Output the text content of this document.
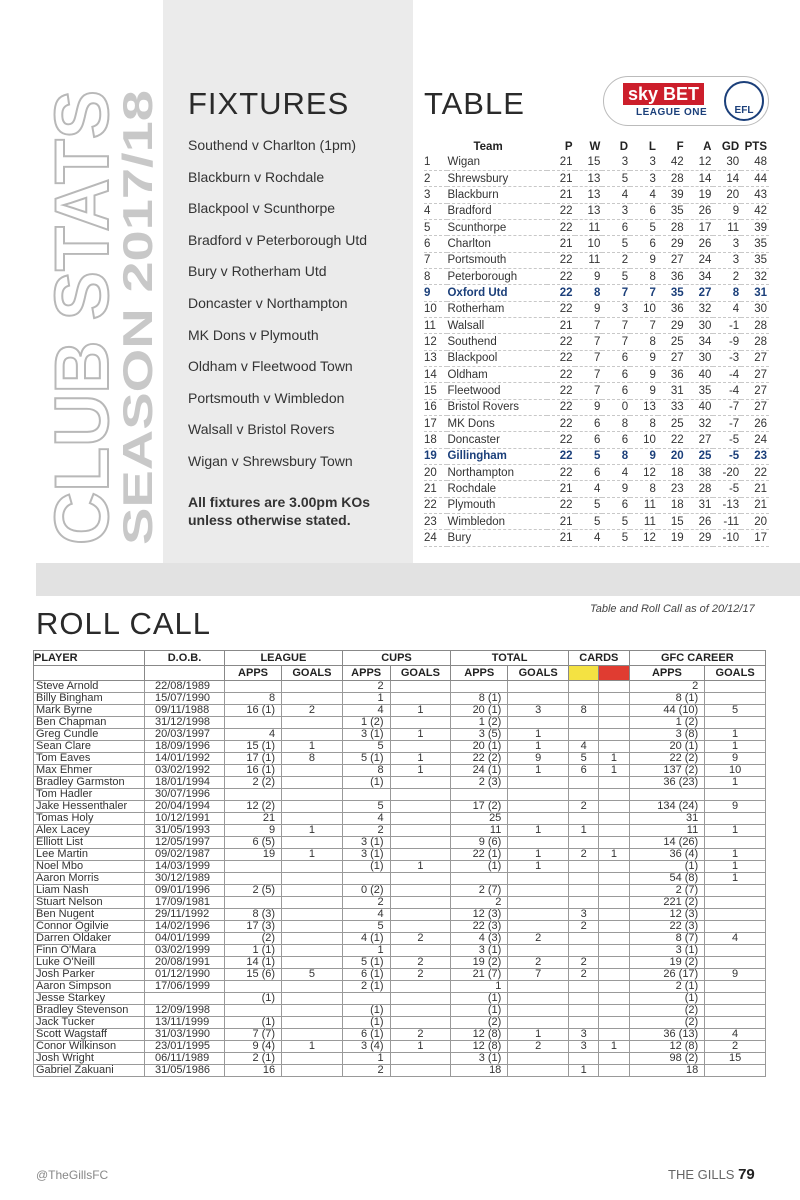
CLUB STATS
SEASON 2017/18
FIXTURES
Southend v Charlton (1pm)
Blackburn v Rochdale
Blackpool v Scunthorpe
Bradford v Peterborough Utd
Bury v Rotherham Utd
Doncaster v Northampton
MK Dons v Plymouth
Oldham v Fleetwood Town
Portsmouth v Wimbledon
Walsall v Bristol Rovers
Wigan v Shrewsbury Town
All fixtures are 3.00pm KOs unless otherwise stated.
TABLE	sky BET
LEAGUE ONE	EFL
	Team	P	W	D	L	F	A	GD	PTS
1	Wigan	21	15	3	3	42	12	30	48
2	Shrewsbury	21	13	5	3	28	14	14	44
3	Blackburn	21	13	4	4	39	19	20	43
4	Bradford	22	13	3	6	35	26	9	42
5	Scunthorpe	22	11	6	5	28	17	11	39
6	Charlton	21	10	5	6	29	26	3	35
7	Portsmouth	22	11	2	9	27	24	3	35
8	Peterborough	22	9	5	8	36	34	2	32
9	Oxford Utd	22	8	7	7	35	27	8	31
10	Rotherham	22	9	3	10	36	32	4	30
11	Walsall	21	7	7	7	29	30	-1	28
12	Southend	22	7	7	8	25	34	-9	28
13	Blackpool	22	7	6	9	27	30	-3	27
14	Oldham	22	7	6	9	36	40	-4	27
15	Fleetwood	22	7	6	9	31	35	-4	27
16	Bristol Rovers	22	9	0	13	33	40	-7	27
17	MK Dons	22	6	8	8	25	32	-7	26
18	Doncaster	22	6	6	10	22	27	-5	24
19	Gillingham	22	5	8	9	20	25	-5	23
20	Northampton	22	6	4	12	18	38	-20	22
21	Rochdale	21	4	9	8	23	28	-5	21
22	Plymouth	22	5	6	11	18	31	-13	21
23	Wimbledon	21	5	5	11	15	26	-11	20
24	Bury	21	4	5	12	19	29	-10	17
Table and Roll Call as of 20/12/17
ROLL CALL
PLAYER	D.O.B.	LEAGUE		CUPS		TOTAL		CARDS		GFC CAREER	
		APPS	GOALS	APPS	GOALS	APPS	GOALS			APPS	GOALS
Steve Arnold	22/08/1989			2						2	
Billy Bingham	15/07/1990	8		1		8 (1)				8 (1)	
Mark Byrne	09/11/1988	16 (1)	2	4	1	20 (1)	3	8		44 (10)	5
Ben Chapman	31/12/1998			1 (2)		1 (2)				1 (2)	
Greg Cundle	20/03/1997	4		3 (1)	1	3 (5)	1			3 (8)	1
Sean Clare	18/09/1996	15 (1)	1	5		20 (1)	1	4		20 (1)	1
Tom Eaves	14/01/1992	17 (1)	8	5 (1)	1	22 (2)	9	5	1	22 (2)	9
Max Ehmer	03/02/1992	16 (1)		8	1	24 (1)	1	6	1	137 (2)	10
Bradley Garmston	18/01/1994	2 (2)		(1)		2 (3)				36 (23)	1
Tom Hadler	30/07/1996										
Jake Hessenthaler	20/04/1994	12 (2)		5		17 (2)		2		134 (24)	9
Tomas Holy	10/12/1991	21		4		25				31	
Alex Lacey	31/05/1993	9	1	2		11	1	1		11	1
Elliott List	12/05/1997	6 (5)		3 (1)		9 (6)				14 (26)	
Lee Martin	09/02/1987	19	1	3 (1)		22 (1)	1	2	1	36 (4)	1
Noel Mbo	14/03/1999			(1)	1	(1)	1			(1)	1
Aaron Morris	30/12/1989									54 (8)	1
Liam Nash	09/01/1996	2 (5)		0 (2)		2 (7)				2 (7)	
Stuart Nelson	17/09/1981			2		2				221 (2)	
Ben Nugent	29/11/1992	8 (3)		4		12 (3)		3		12 (3)	
Connor Ogilvie	14/02/1996	17 (3)		5		22 (3)		2		22 (3)	
Darren Oldaker	04/01/1999	(2)		4 (1)	2	4 (3)	2			8 (7)	4
Finn O'Mara	03/02/1999	1 (1)		1		3 (1)				3 (1)	
Luke O'Neill	20/08/1991	14 (1)		5 (1)	2	19 (2)	2	2		19 (2)	
Josh Parker	01/12/1990	15 (6)	5	6 (1)	2	21 (7)	7	2		26 (17)	9
Aaron Simpson	17/06/1999			2 (1)		1				2 (1)	
Jesse Starkey		(1)				(1)				(1)	
Bradley Stevenson	12/09/1998			(1)		(1)				(2)	
Jack Tucker	13/11/1999	(1)		(1)		(2)				(2)	
Scott Wagstaff	31/03/1990	7 (7)		6 (1)	2	12 (8)	1	3		36 (13)	4
Conor Wilkinson	23/01/1995	9 (4)	1	3 (4)	1	12 (8)	2	3	1	12 (8)	2
Josh Wright	06/11/1989	2 (1)		1		3 (1)				98 (2)	15
Gabriel Zakuani	31/05/1986	16		2		18		1		18	
@TheGillsFC	THE GILLS 79
